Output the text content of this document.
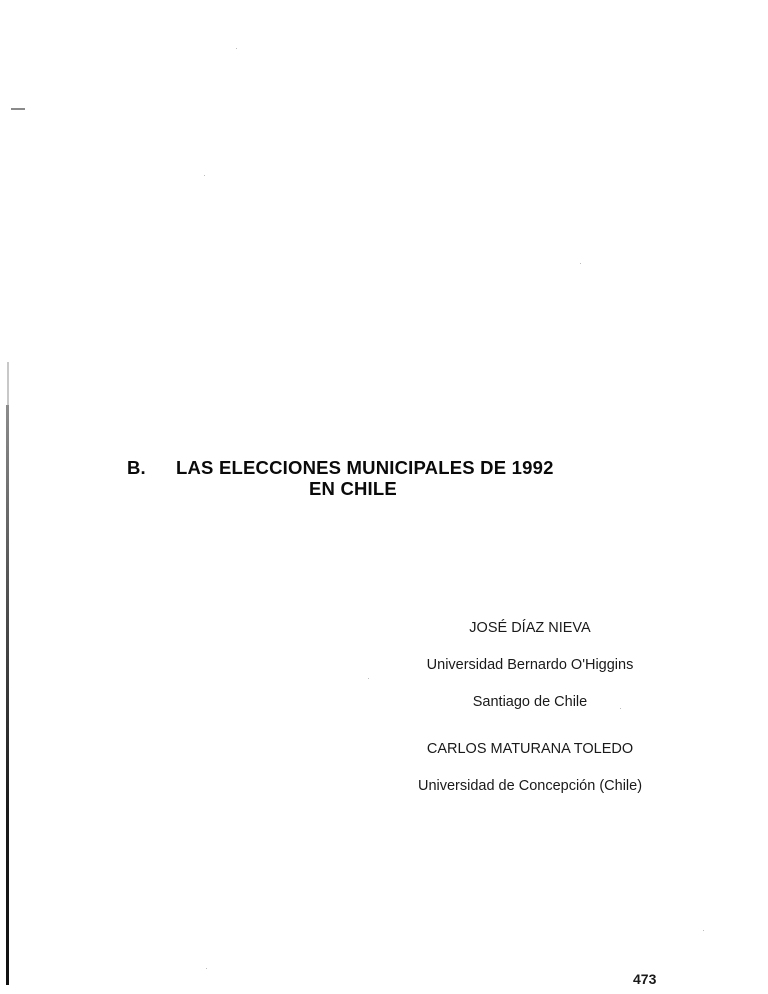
B.	LAS ELECCIONES MUNICIPALES DE 1992
EN CHILE
JOSÉ DÍAZ NIEVA
Universidad Bernardo O'Higgins
Santiago de Chile
CARLOS MATURANA TOLEDO
Universidad de Concepción (Chile)
473
